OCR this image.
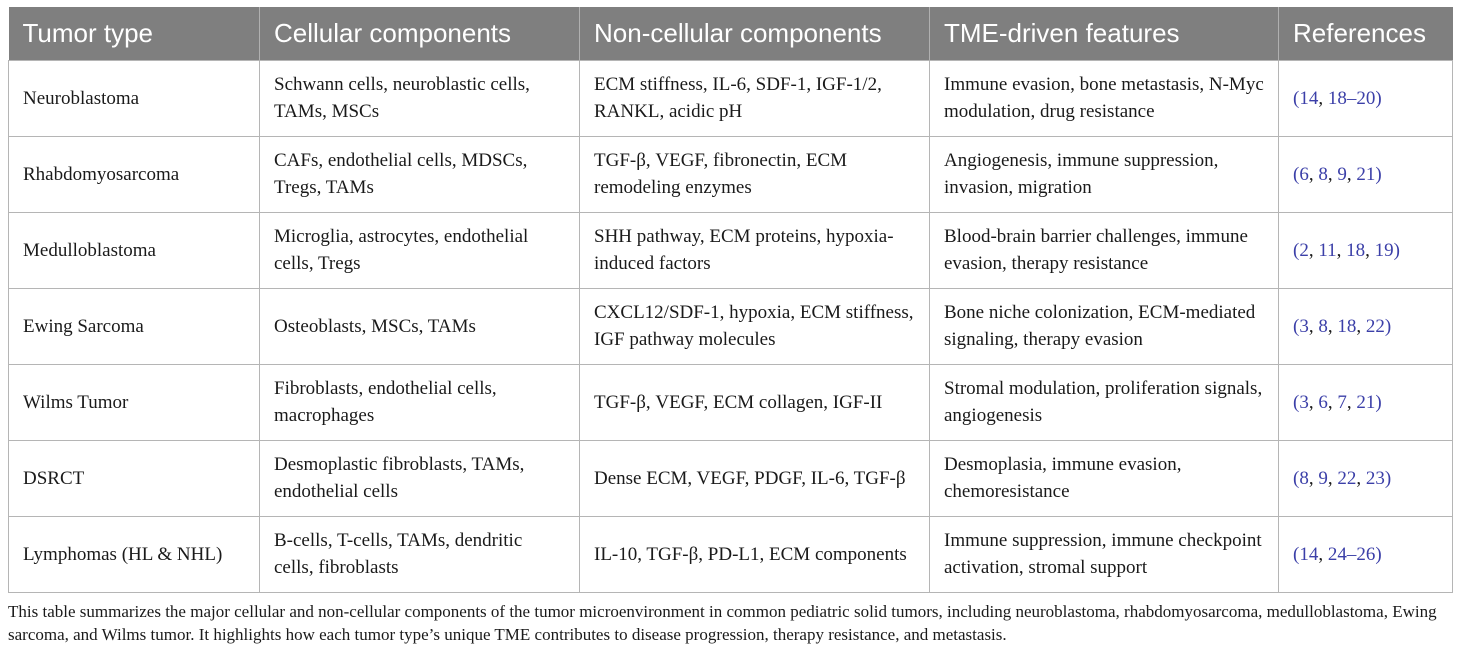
Tumor type	Cellular components	Non-cellular components	TME-driven features	References
Neuroblastoma	Schwann cells, neuroblastic cells, TAMs, MSCs	ECM stiffness, IL-6, SDF-1, IGF-1/2, RANKL, acidic pH	Immune evasion, bone metastasis, N-Myc modulation, drug resistance	(14, 18–20)
Rhabdomyosarcoma	CAFs, endothelial cells, MDSCs, Tregs, TAMs	TGF-β, VEGF, fibronectin, ECM remodeling enzymes	Angiogenesis, immune suppression, invasion, migration	(6, 8, 9, 21)
Medulloblastoma	Microglia, astrocytes, endothelial cells, Tregs	SHH pathway, ECM proteins, hypoxia-induced factors	Blood-brain barrier challenges, immune evasion, therapy resistance	(2, 11, 18, 19)
Ewing Sarcoma	Osteoblasts, MSCs, TAMs	CXCL12/SDF-1, hypoxia, ECM stiffness, IGF pathway molecules	Bone niche colonization, ECM-mediated signaling, therapy evasion	(3, 8, 18, 22)
Wilms Tumor	Fibroblasts, endothelial cells, macrophages	TGF-β, VEGF, ECM collagen, IGF-II	Stromal modulation, proliferation signals, angiogenesis	(3, 6, 7, 21)
DSRCT	Desmoplastic fibroblasts, TAMs, endothelial cells	Dense ECM, VEGF, PDGF, IL-6, TGF-β	Desmoplasia, immune evasion, chemoresistance	(8, 9, 22, 23)
Lymphomas (HL & NHL)	B-cells, T-cells, TAMs, dendritic cells, fibroblasts	IL-10, TGF-β, PD-L1, ECM components	Immune suppression, immune checkpoint activation, stromal support	(14, 24–26)

This table summarizes the major cellular and non-cellular components of the tumor microenvironment in common pediatric solid tumors, including neuroblastoma, rhabdomyosarcoma, medulloblastoma, Ewing sarcoma, and Wilms tumor. It highlights how each tumor type’s unique TME contributes to disease progression, therapy resistance, and metastasis.
